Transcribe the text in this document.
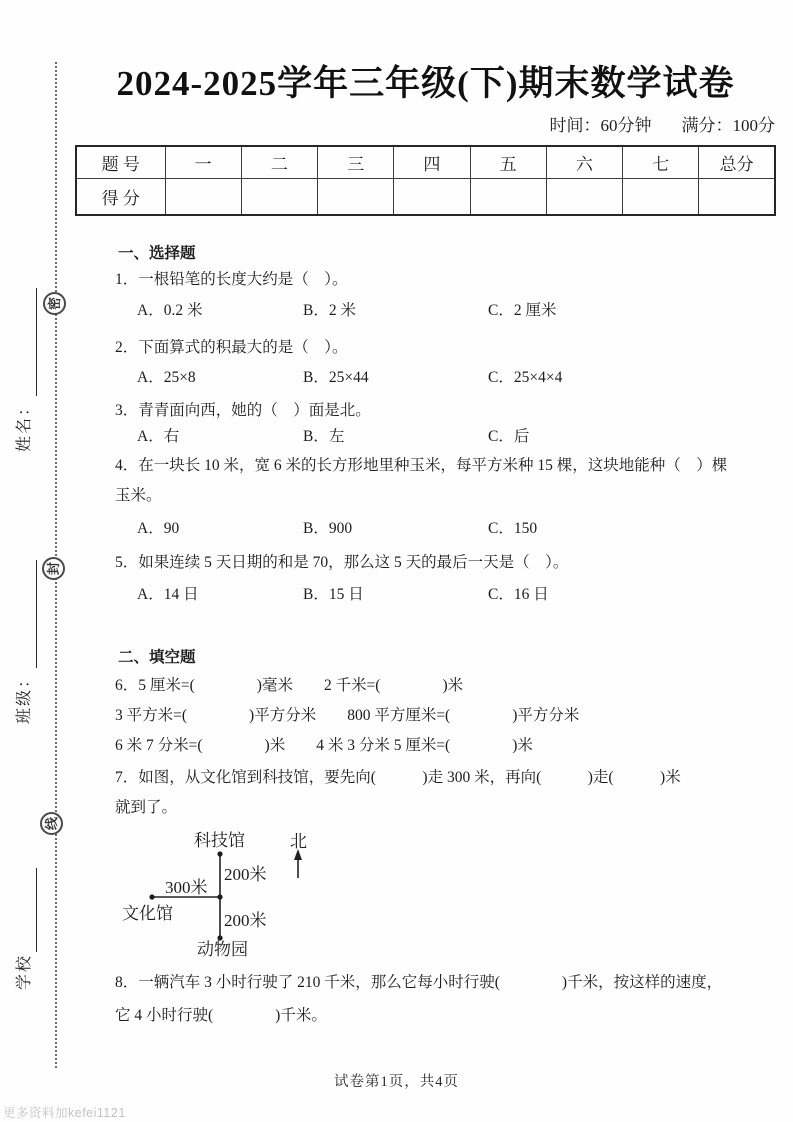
姓名：
班级：
学校
密
封
线
2024-2025学年三年级(下)期末数学试卷
时间：60分钟 满分：100分
题 号	一	二	三	四	五	六	七	总分
得 分								
一、选择题
1．一根铅笔的长度大约是（　）。
A．0.2 米	B．2 米	C．2 厘米
2．下面算式的积最大的是（　）。
A．25×8	B．25×44	C．25×4×4
3．青青面向西，她的（　）面是北。
A．右	B．左	C．后
4．在一块长 10 米，宽 6 米的长方形地里种玉米，每平方米种 15 棵，这块地能种（　）棵
玉米。
A．90	B．900	C．150
5．如果连续 5 天日期的和是 70，那么这 5 天的最后一天是（　）。
A．14 日	B．15 日	C．16 日
二、填空题
6．5 厘米=(　　　　)毫米　　2 千米=(　　　　)米
3 平方米=(　　　　)平方分米　　800 平方厘米=(　　　　)平方分米
6 米 7 分米=(　　　　)米　　4 米 3 分米 5 厘米=(　　　　)米
7．如图，从文化馆到科技馆，要先向(　　　)走 300 米，再向(　　　)走(　　　)米
就到了。
科技馆	北
300米
200米
文化馆	200米
动物园
8．一辆汽车 3 小时行驶了 210 千米，那么它每小时行驶(　　　　)千米，按这样的速度，
它 4 小时行驶(　　　　)千米。
试卷第1页，共4页
更多资料加kefei1121
